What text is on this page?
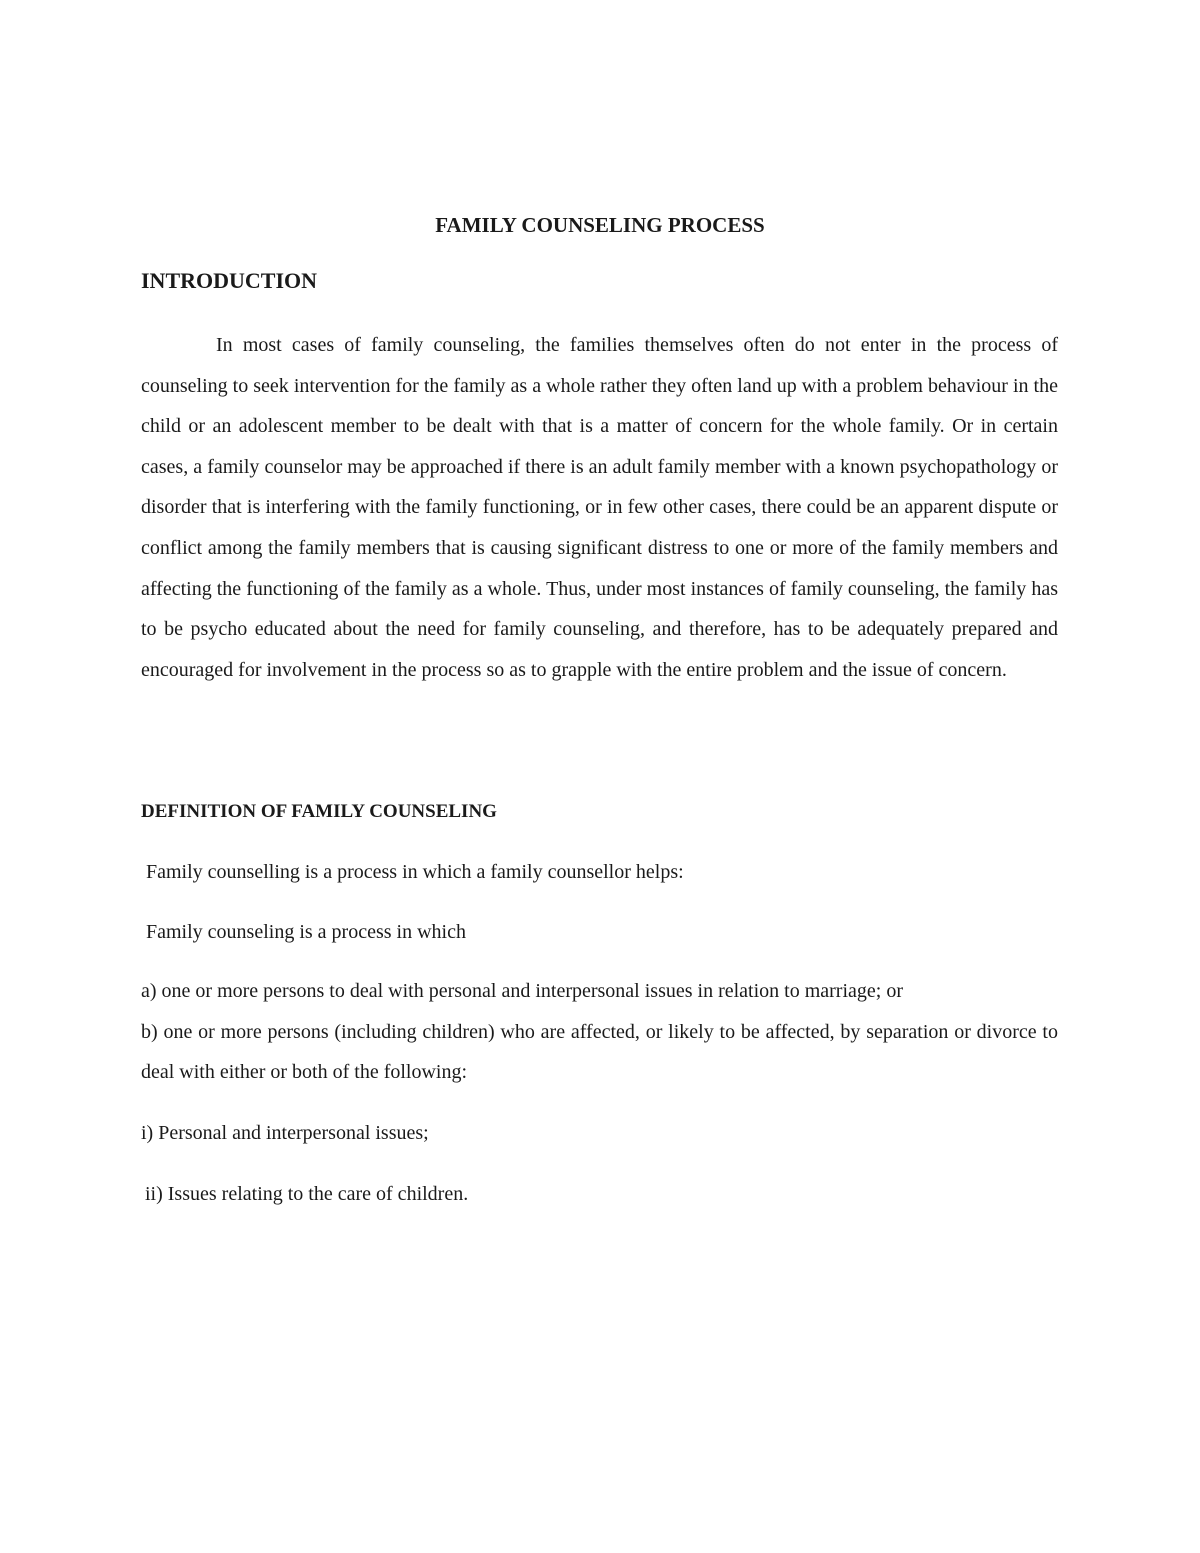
FAMILY COUNSELING PROCESS
INTRODUCTION

In most cases of family counseling, the families themselves often do not enter in the process of counseling to seek intervention for the family as a whole rather they often land up with a problem behaviour in the child or an adolescent member to be dealt with that is a matter of concern for the whole family. Or in certain cases, a family counselor may be approached if there is an adult family member with a known psychopathology or disorder that is interfering with the family functioning, or in few other cases, there could be an apparent dispute or conflict among the family members that is causing significant distress to one or more of the family members and affecting the functioning of the family as a whole. Thus, under most instances of family counseling, the family has to be psycho educated about the need for family counseling, and therefore, has to be adequately prepared and encouraged for involvement in the process so as to grapple with the entire problem and the issue of concern.

DEFINITION OF FAMILY COUNSELING

Family counselling is a process in which a family counsellor helps:

Family counseling is a process in which

a) one or more persons to deal with personal and interpersonal issues in relation to marriage; or
b) one or more persons (including children) who are affected, or likely to be affected, by separation or divorce to deal with either or both of the following:

i) Personal and interpersonal issues;

ii) Issues relating to the care of children.
